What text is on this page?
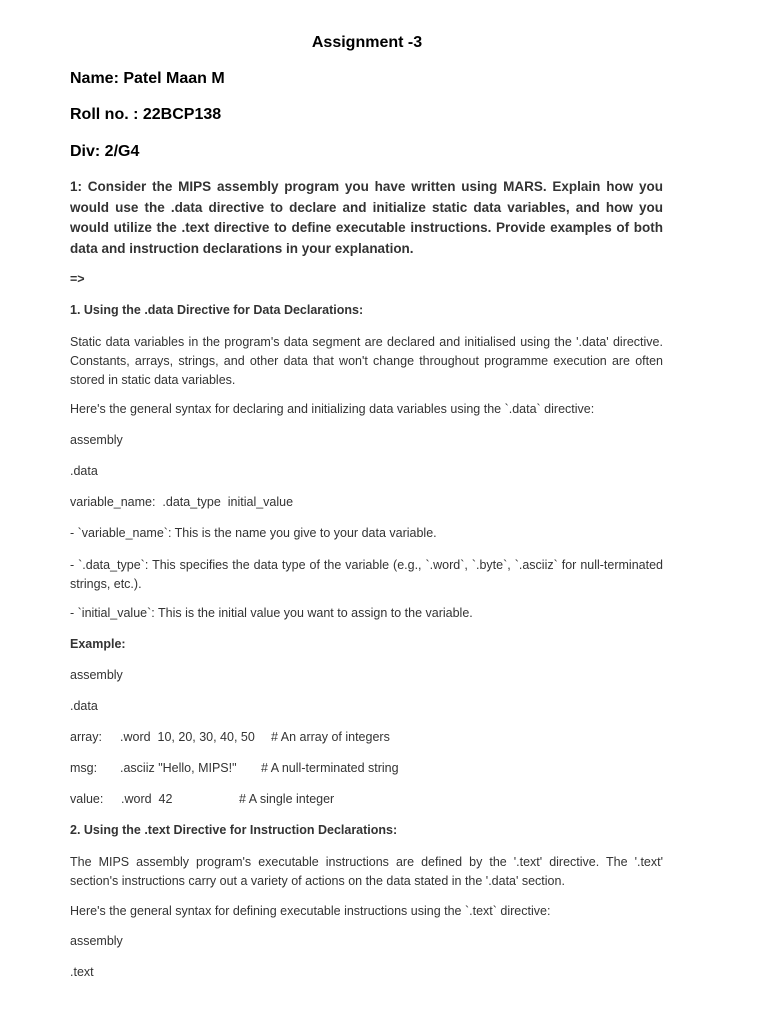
Assignment -3
Name: Patel Maan M
Roll no. : 22BCP138
Div: 2/G4
1: Consider the MIPS assembly program you have written using MARS. Explain how you would use the .data directive to declare and initialize static data variables, and how you would utilize the .text directive to define executable instructions. Provide examples of both data and instruction declarations in your explanation.
=>
1. Using the .data Directive for Data Declarations:
Static data variables in the program's data segment are declared and initialised using the '.data' directive. Constants, arrays, strings, and other data that won't change throughout programme execution are often stored in static data variables.
Here's the general syntax for declaring and initializing data variables using the `.data` directive:
assembly
.data
variable_name:  .data_type  initial_value
- `variable_name`: This is the name you give to your data variable.
- `.data_type`: This specifies the data type of the variable (e.g., `.word`, `.byte`, `.asciiz` for null-terminated strings, etc.).
- `initial_value`: This is the initial value you want to assign to the variable.
Example:
assembly
.data
array: .word  10, 20, 30, 40, 50 # An array of integers
msg: .asciiz "Hello, MIPS!" # A null-terminated string
value: .word  42	# A single integer
2. Using the .text Directive for Instruction Declarations:
The MIPS assembly program's executable instructions are defined by the '.text' directive. The '.text' section's instructions carry out a variety of actions on the data stated in the '.data' section.
Here's the general syntax for defining executable instructions using the `.text` directive:
assembly
.text
